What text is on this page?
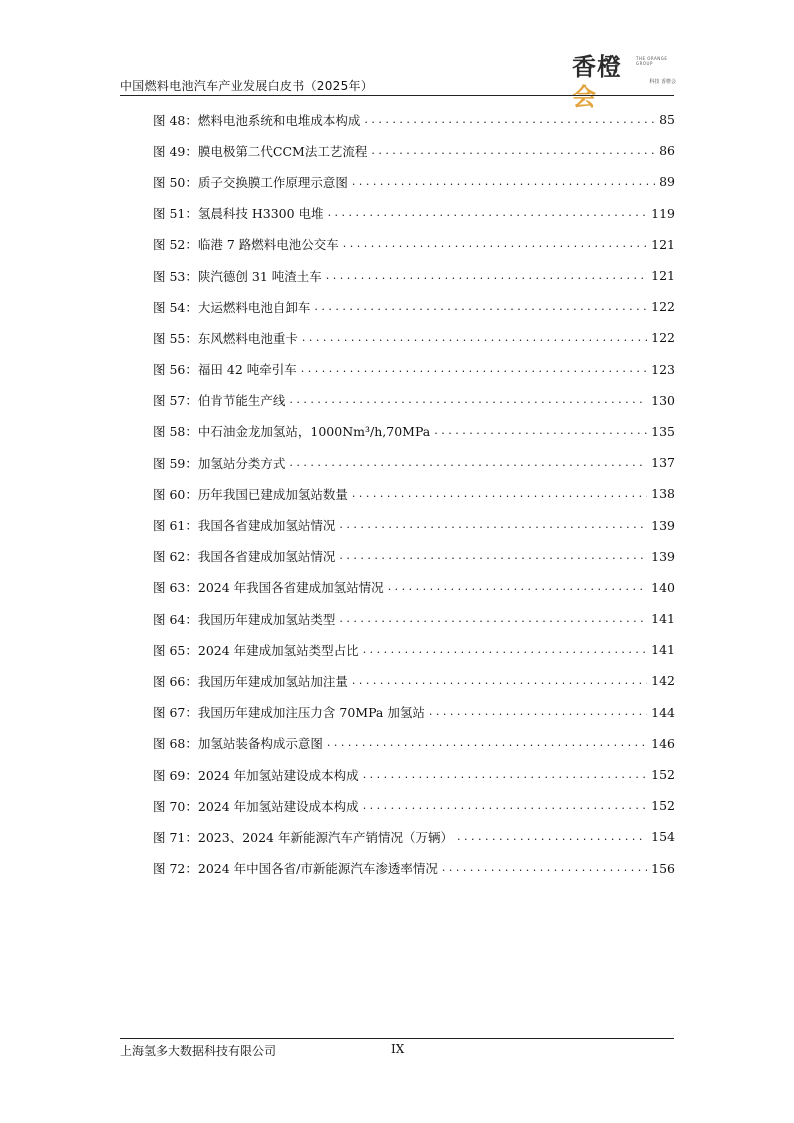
中国燃料电池汽车产业发展白皮书（2025年）
香橙会
THE ORANGE GROUP
科技 香橙会
图 48： 燃料电池系统和电堆成本构成 . . .	85
图 49： 膜电极第二代CCM法工艺流程 . . .	86
图 50： 质子交换膜工作原理示意图 . . .	89
图 51： 氢晨科技 H3300 电堆 . . .	119
图 52： 临港 7 路燃料电池公交车 . . .	121
图 53： 陕汽德创 31 吨渣土车 . . .	121
图 54： 大运燃料电池自卸车 . . .	122
图 55： 东风燃料电池重卡 . . .	122
图 56： 福田 42 吨牵引车 . . .	123
图 57： 伯肯节能生产线 . . .	130
图 58： 中石油金龙加氢站，1000Nm³/h,70MPa . . .	135
图 59： 加氢站分类方式 . . .	137
图 60： 历年我国已建成加氢站数量 . . .	138
图 61： 我国各省建成加氢站情况 . . .	139
图 62： 我国各省建成加氢站情况 . . .	139
图 63： 2024 年我国各省建成加氢站情况 . . .	140
图 64： 我国历年建成加氢站类型 . . .	141
图 65： 2024 年建成加氢站类型占比 . . .	141
图 66： 我国历年建成加氢站加注量 . . .	142
图 67： 我国历年建成加注压力含 70MPa 加氢站 . . .	144
图 68： 加氢站装备构成示意图 . . .	146
图 69： 2024 年加氢站建设成本构成 . . .	152
图 70： 2024 年加氢站建设成本构成 . . .	152
图 71： 2023、2024 年新能源汽车产销情况（万辆） . . .	154
图 72： 2024 年中国各省/市新能源汽车渗透率情况 . . .	156
上海氢多大数据科技有限公司	IX
